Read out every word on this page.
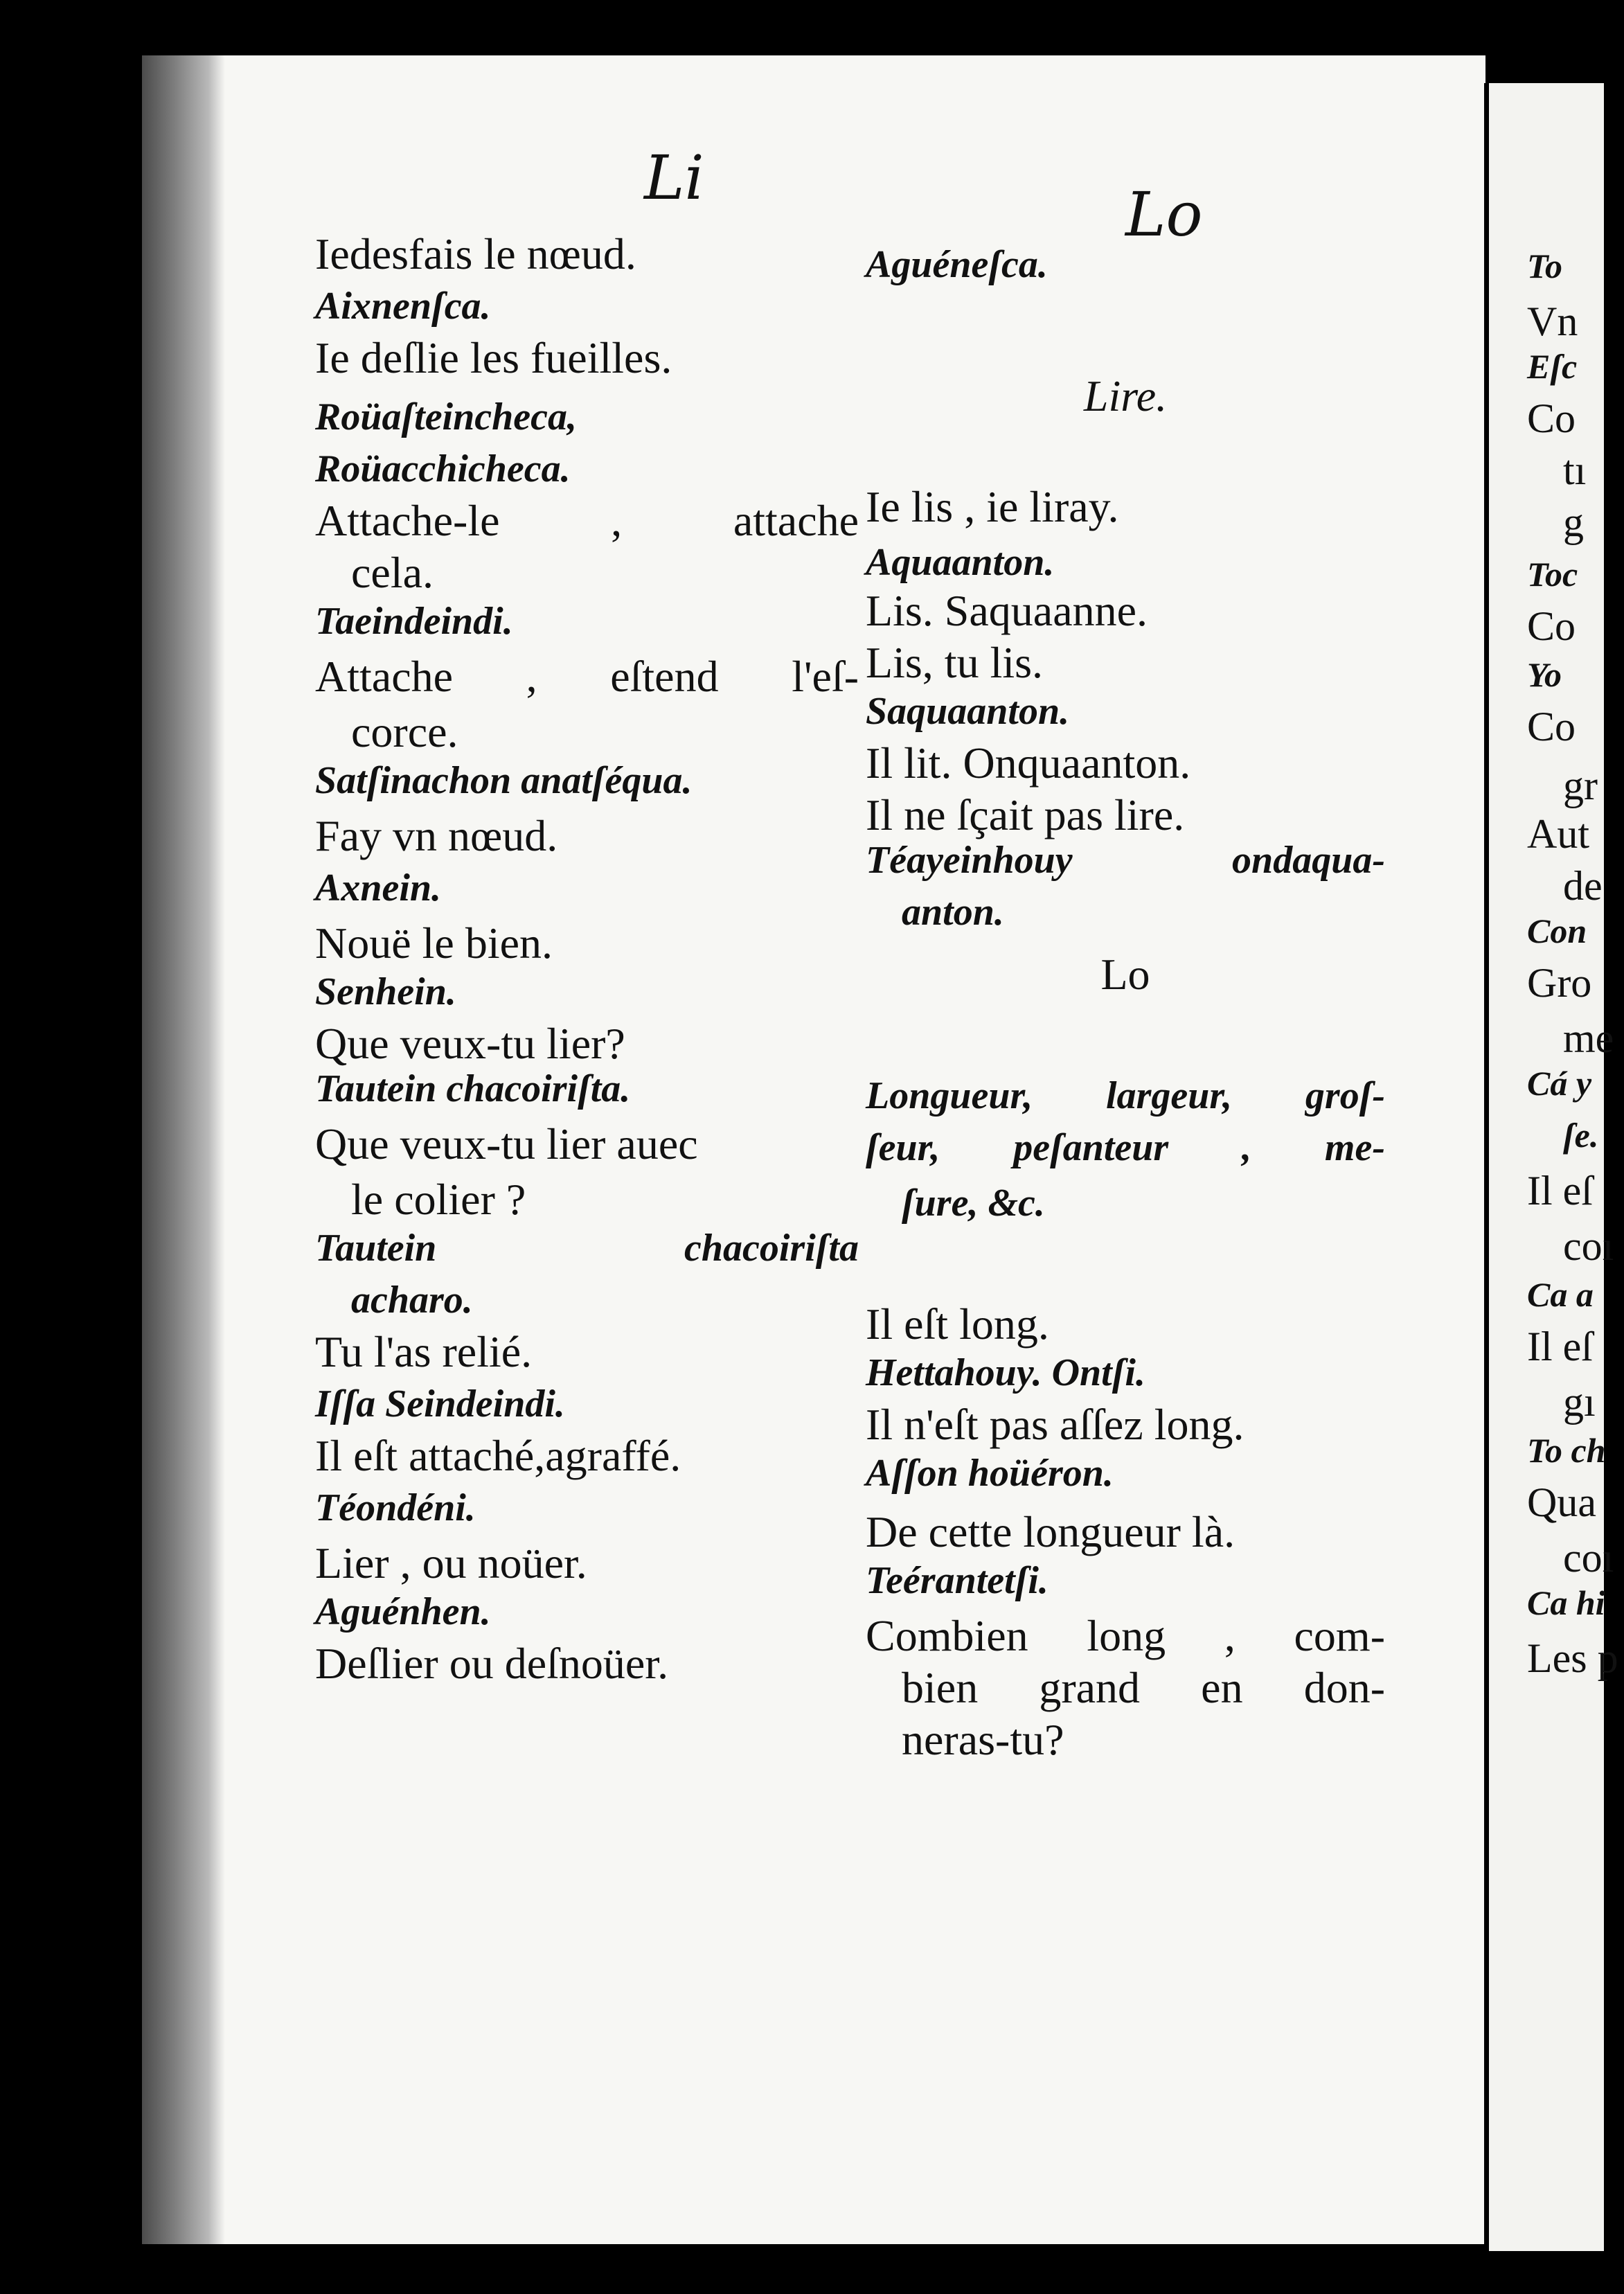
Li
Lo
Iedesfais le nœud.
Aixnenſca.
Ie deſlie les fueilles.
Roüaſteincheca,
Roüacchicheca.
Attache-le , attache
cela.
Taeindeindi.
Attache , eſtend l'eſ-
corce.
Satſinachon anatſéqua.
Fay vn nœud.
Axnein.
Nouë le bien.
Senhein.
Que veux-tu lier?
Tautein chacoiriſta.
Que veux-tu lier auec
le colier ?
Tautein chacoiriſta
acharo.
Tu l'as relié.
Iſſa Seindeindi.
Il eſt attaché,agraffé.
Téondéni.
Lier , ou noüer.
Aguénhen.
Deſlier ou deſnoüer.
Aguéneſca.
Lire.
Ie lis , ie liray.
Aquaanton.
Lis. Saquaanne.
Lis, tu lis.
Saquaanton.
Il lit. Onquaanton.
Il ne ſçait pas lire.
Téayeinhouy ondaqua-
anton.
Lo
Longueur, largeur, groſ-
ſeur, peſanteur , me-
ſure, &c.
Il eſt long.
Hettahouy. Ontſi.
Il n'eſt pas aſſez long.
Aſſon hoüéron.
De cette longueur là.
Teérantetſi.
Combien long , com-
bien grand en don-
neras-tu?
To
Vn
Eſc
Co
tı
g
Toc
Co
Yo
Co
gr
Aut
de
Con
Gro
me
Cá y
ſe.
Il eſ
coı
Ca a
Il eſ
gı
To ch
Qua
coı
Ca hi
Les p
